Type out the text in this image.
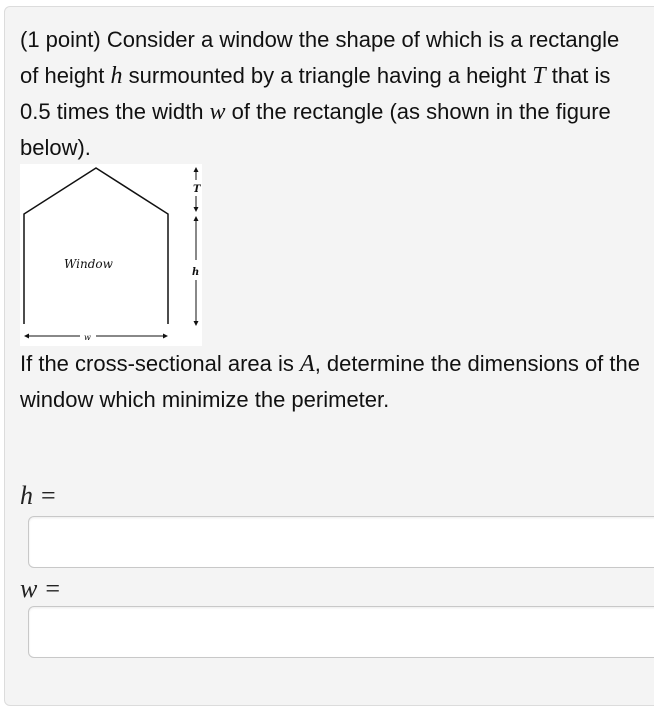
(1 point) Consider a window the shape of which is a rectangle of height h surmounted by a triangle having a height T that is 0.5 times the width w of the rectangle (as shown in the figure below).
Window
w
T
h
If the cross-sectional area is A, determine the dimensions of the window which minimize the perimeter.
h =
w =
